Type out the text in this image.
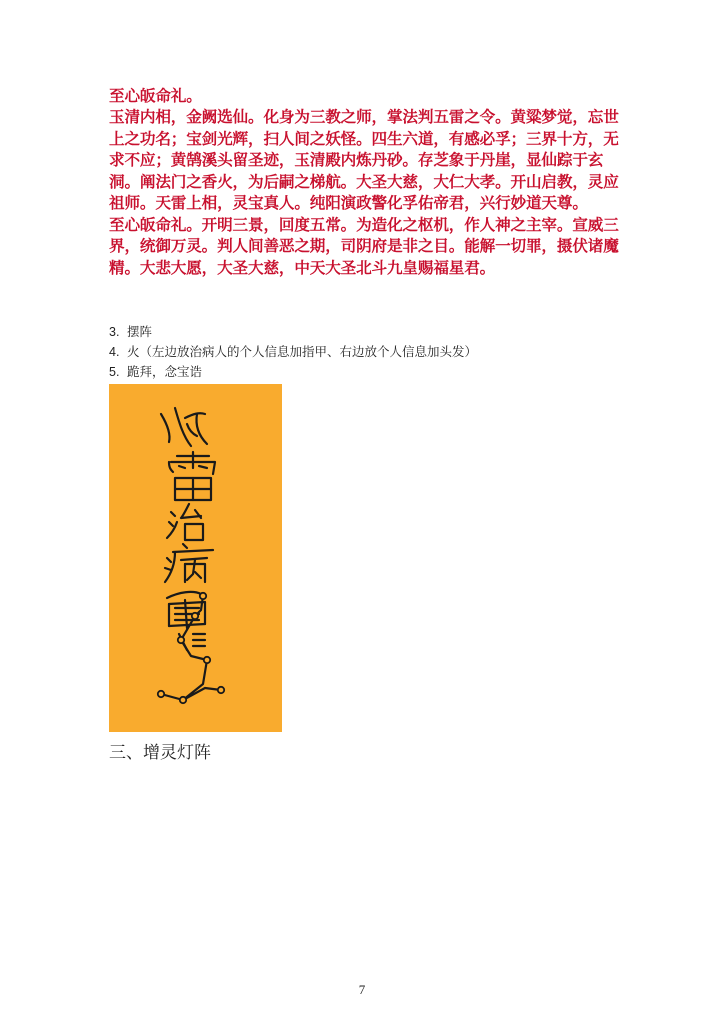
至心皈命礼。

玉清内相，金阙选仙。化身为三教之师，掌法判五雷之令。黄粱梦觉，忘世上之功名；宝剑光辉，扫人间之妖怪。四生六道，有感必孚；三界十方，无求不应；黄鹄溪头留圣迹，玉清殿内炼丹砂。存芝象于丹崖，显仙踪于玄洞。阐法门之香火，为后嗣之梯航。大圣大慈，大仁大孝。开山启教，灵应祖师。天雷上相，灵宝真人。纯阳演政警化孚佑帝君，兴行妙道天尊。

至心皈命礼。开明三景，回度五常。为造化之枢机，作人神之主宰。宣威三界，统御万灵。判人间善恶之期，司阴府是非之目。能解一切罪，摄伏诸魔精。大悲大愿，大圣大慈，中天大圣北斗九皇赐福星君。

3. 摆阵
4. 火（左边放治病人的个人信息加指甲、右边放个人信息加头发）
5. 跪拜，念宝诰
三、增灵灯阵
7
